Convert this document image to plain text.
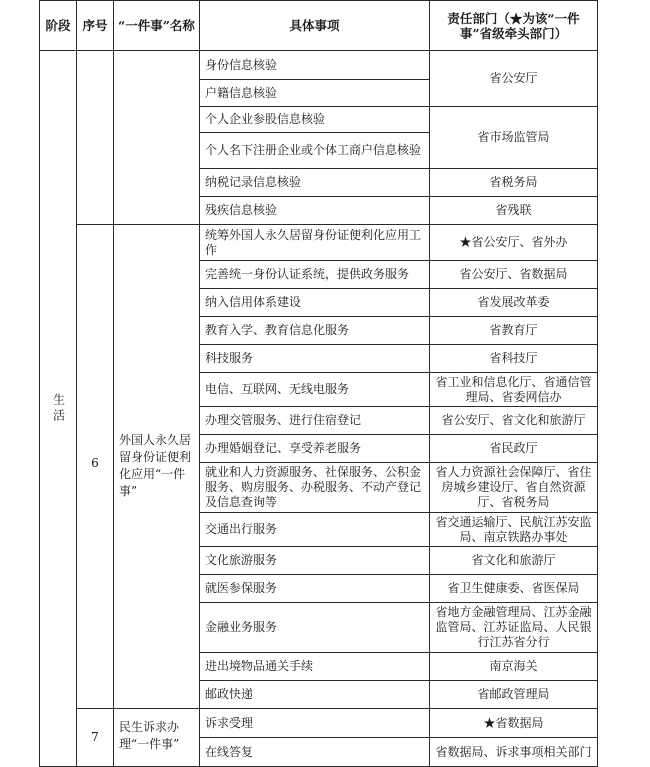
阶段	序号	“一件事”名称	具体事项	责任部门（★为该“一件事”省级牵头部门）
生活			身份信息核验	省公安厅
			户籍信息核验	
			个人企业参股信息核验	省市场监管局
			个人名下注册企业或个体工商户信息核验	
			纳税记录信息核验	省税务局
			残疾信息核验	省残联
	6	外国人永久居留身份证便利化应用“一件事”	统筹外国人永久居留身份证便利化应用工作	★省公安厅、省外办
			完善统一身份认证系统，提供政务服务	省公安厅、省数据局
			纳入信用体系建设	省发展改革委
			教育入学、教育信息化服务	省教育厅
			科技服务	省科技厅
			电信、互联网、无线电服务	省工业和信息化厅、省通信管理局、省委网信办
			办理交管服务、进行住宿登记	省公安厅、省文化和旅游厅
			办理婚姻登记、享受养老服务	省民政厅
			就业和人力资源服务、社保服务、公积金服务、购房服务、办税服务、不动产登记及信息查询等	省人力资源社会保障厅、省住房城乡建设厅、省自然资源厅、省税务局
			交通出行服务	省交通运输厅、民航江苏安监局、南京铁路办事处
			文化旅游服务	省文化和旅游厅
			就医参保服务	省卫生健康委、省医保局
			金融业务服务	省地方金融管理局、江苏金融监管局、江苏证监局、人民银行江苏省分行
			进出境物品通关手续	南京海关
			邮政快递	省邮政管理局
	7	民生诉求办理“一件事”	诉求受理	★省数据局
			在线答复	省数据局、诉求事项相关部门
